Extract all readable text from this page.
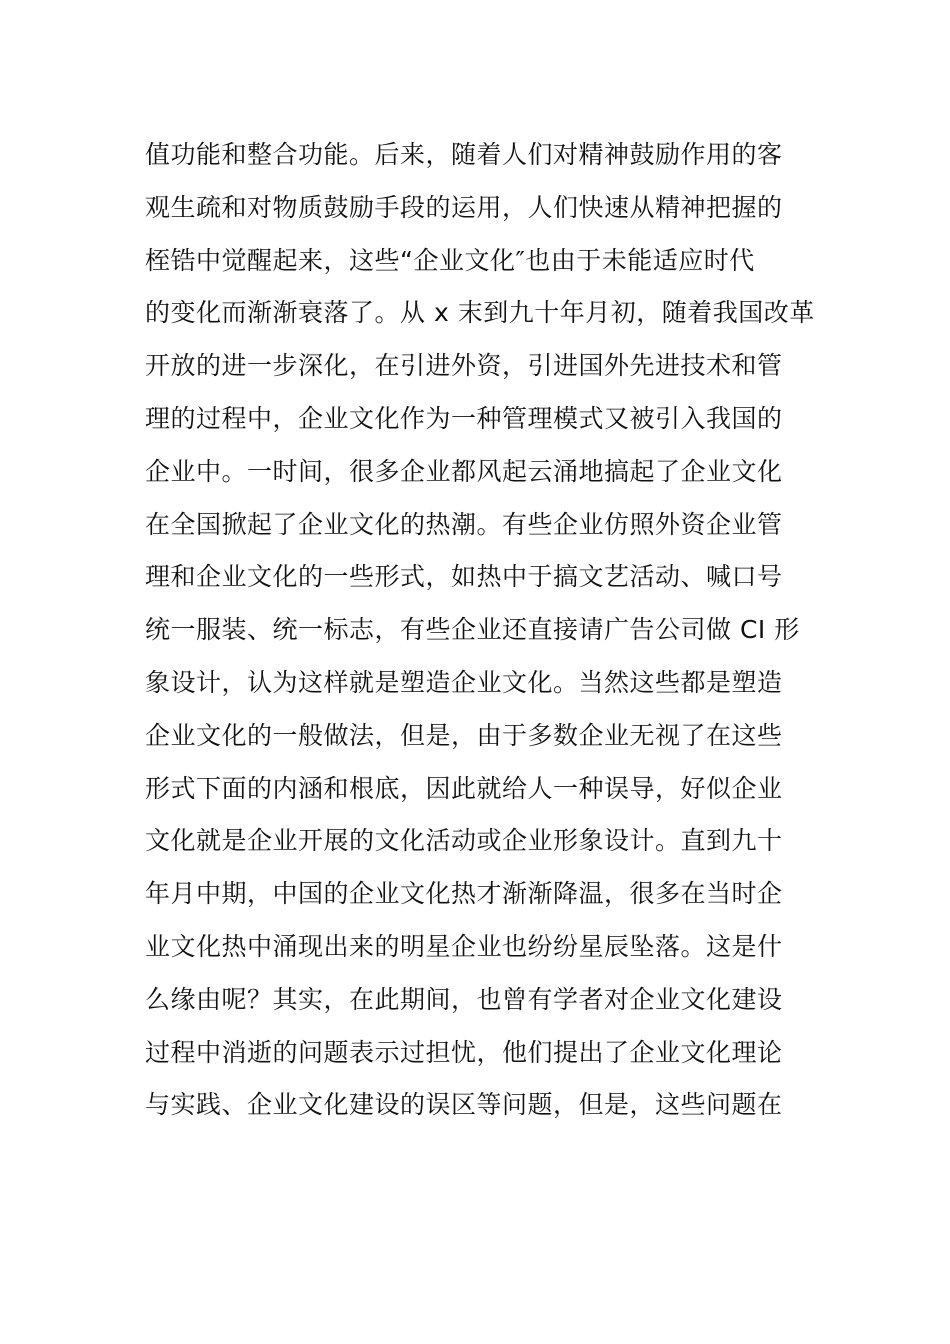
值功能和整合功能。后来，随着人们对精神鼓励作用的客
观生疏和对物质鼓励手段的运用，人们快速从精神把握的
桎锆中觉醒起来，这些“企业文化″也由于未能适应时代
的变化而渐渐衰落了。从 x 末到九十年月初，随着我国改革
开放的进一步深化，在引进外资，引进国外先进技术和管
理的过程中，企业文化作为一种管理模式又被引入我国的
企业中。一时间，很多企业都风起云涌地搞起了企业文化
在全国掀起了企业文化的热潮。有些企业仿照外资企业管
理和企业文化的一些形式，如热中于搞文艺活动、喊口号
统一服装、统一标志，有些企业还直接请广告公司做 CI 形
象设计，认为这样就是塑造企业文化。当然这些都是塑造
企业文化的一般做法，但是，由于多数企业无视了在这些
形式下面的内涵和根底，因此就给人一种误导，好似企业
文化就是企业开展的文化活动或企业形象设计。直到九十
年月中期，中国的企业文化热才渐渐降温，很多在当时企
业文化热中涌现出来的明星企业也纷纷星辰坠落。这是什
么缘由呢？其实，在此期间，也曾有学者对企业文化建设
过程中消逝的问题表示过担忧，他们提出了企业文化理论
与实践、企业文化建设的误区等问题，但是，这些问题在
